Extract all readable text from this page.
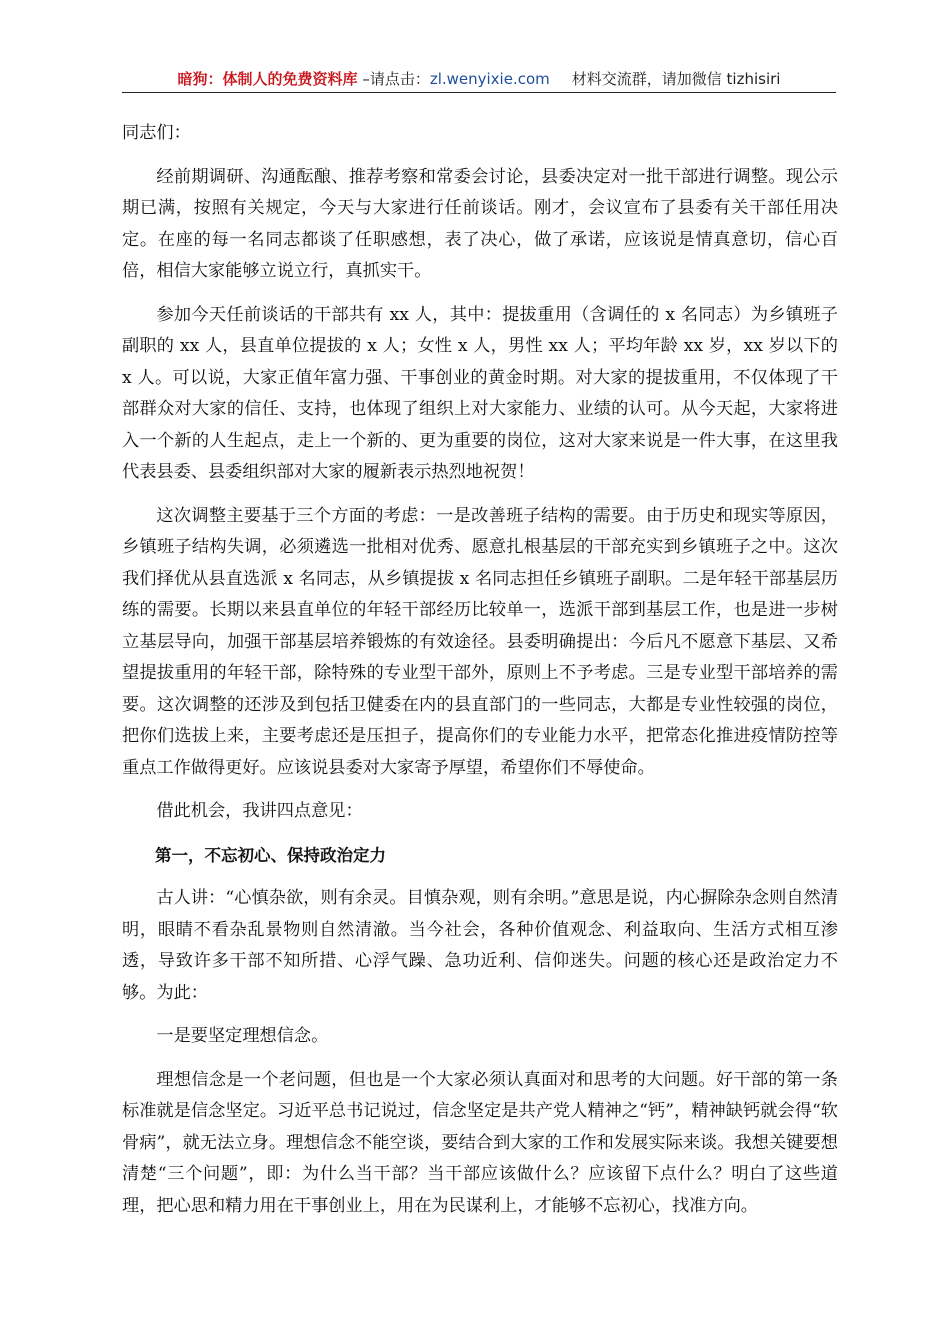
暗狗：体制人的免费资料库 –请点击：zl.wenyixie.com 材料交流群，请加微信 tizhisiri

同志们：

经前期调研、沟通酝酿、推荐考察和常委会讨论，县委决定对一批干部进行调整。现公示期已满，按照有关规定，今天与大家进行任前谈话。刚才，会议宣布了县委有关干部任用决定。在座的每一名同志都谈了任职感想，表了决心，做了承诺，应该说是情真意切，信心百倍，相信大家能够立说立行，真抓实干。

参加今天任前谈话的干部共有 xx 人，其中：提拔重用（含调任的 x 名同志）为乡镇班子副职的 xx 人，县直单位提拔的 x 人；女性 x 人，男性 xx 人；平均年龄 xx 岁，xx 岁以下的 x 人。可以说，大家正值年富力强、干事创业的黄金时期。对大家的提拔重用，不仅体现了干部群众对大家的信任、支持，也体现了组织上对大家能力、业绩的认可。从今天起，大家将进入一个新的人生起点，走上一个新的、更为重要的岗位，这对大家来说是一件大事，在这里我代表县委、县委组织部对大家的履新表示热烈地祝贺！

这次调整主要基于三个方面的考虑：一是改善班子结构的需要。由于历史和现实等原因，乡镇班子结构失调，必须遴选一批相对优秀、愿意扎根基层的干部充实到乡镇班子之中。这次我们择优从县直选派 x 名同志，从乡镇提拔 x 名同志担任乡镇班子副职。二是年轻干部基层历练的需要。长期以来县直单位的年轻干部经历比较单一，选派干部到基层工作，也是进一步树立基层导向，加强干部基层培养锻炼的有效途径。县委明确提出：今后凡不愿意下基层、又希望提拔重用的年轻干部，除特殊的专业型干部外，原则上不予考虑。三是专业型干部培养的需要。这次调整的还涉及到包括卫健委在内的县直部门的一些同志，大都是专业性较强的岗位，把你们选拔上来，主要考虑还是压担子，提高你们的专业能力水平，把常态化推进疫情防控等重点工作做得更好。应该说县委对大家寄予厚望，希望你们不辱使命。

借此机会，我讲四点意见：

第一，不忘初心、保持政治定力

古人讲：“心慎杂欲，则有余灵。目慎杂观，则有余明。”意思是说，内心摒除杂念则自然清明，眼睛不看杂乱景物则自然清澈。当今社会，各种价值观念、利益取向、生活方式相互渗透，导致许多干部不知所措、心浮气躁、急功近利、信仰迷失。问题的核心还是政治定力不够。为此：

一是要坚定理想信念。

理想信念是一个老问题，但也是一个大家必须认真面对和思考的大问题。好干部的第一条标准就是信念坚定。习近平总书记说过，信念坚定是共产党人精神之“钙”，精神缺钙就会得“软骨病”，就无法立身。理想信念不能空谈，要结合到大家的工作和发展实际来谈。我想关键要想清楚“三个问题”，即：为什么当干部？当干部应该做什么？应该留下点什么？明白了这些道理，把心思和精力用在干事创业上，用在为民谋利上，才能够不忘初心，找准方向。
